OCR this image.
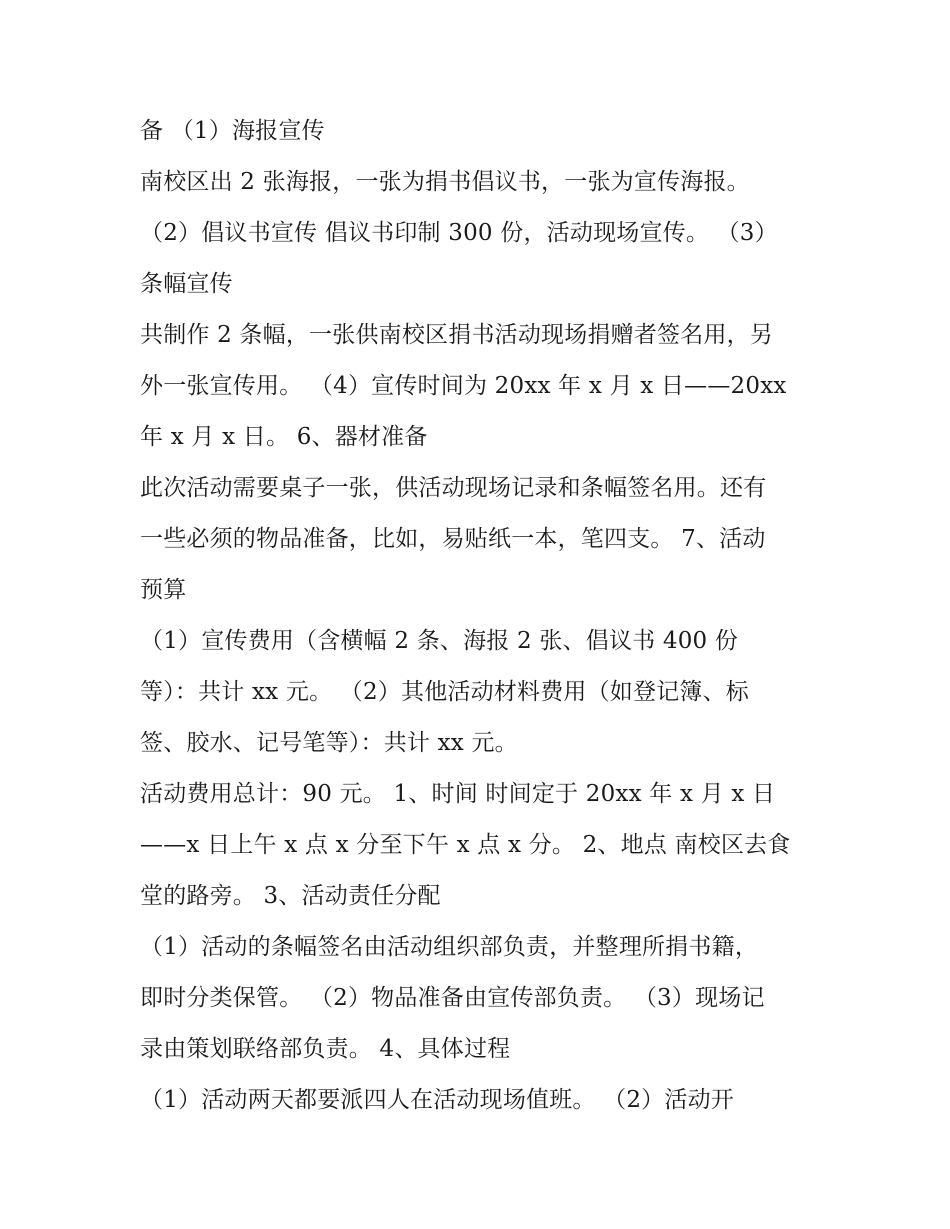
备 （1）海报宣传
南校区出 2 张海报，一张为捐书倡议书，一张为宣传海报。
（2）倡议书宣传 倡议书印制 300 份，活动现场宣传。 （3）
条幅宣传
共制作 2 条幅，一张供南校区捐书活动现场捐赠者签名用，另
外一张宣传用。 （4）宣传时间为 20xx 年 x 月 x 日——20xx
年 x 月 x 日。 6、器材准备
此次活动需要桌子一张，供活动现场记录和条幅签名用。还有
一些必须的物品准备，比如，易贴纸一本，笔四支。 7、活动
预算
（1）宣传费用（含横幅 2 条、海报 2 张、倡议书 400 份
等）：共计 xx 元。 （2）其他活动材料费用（如登记簿、标
签、胶水、记号笔等）：共计 xx 元。
活动费用总计：90 元。 1、时间 时间定于 20xx 年 x 月 x 日
——x 日上午 x 点 x 分至下午 x 点 x 分。 2、地点 南校区去食
堂的路旁。 3、活动责任分配
（1）活动的条幅签名由活动组织部负责，并整理所捐书籍，
即时分类保管。 （2）物品准备由宣传部负责。 （3）现场记
录由策划联络部负责。 4、具体过程
（1）活动两天都要派四人在活动现场值班。 （2）活动开
